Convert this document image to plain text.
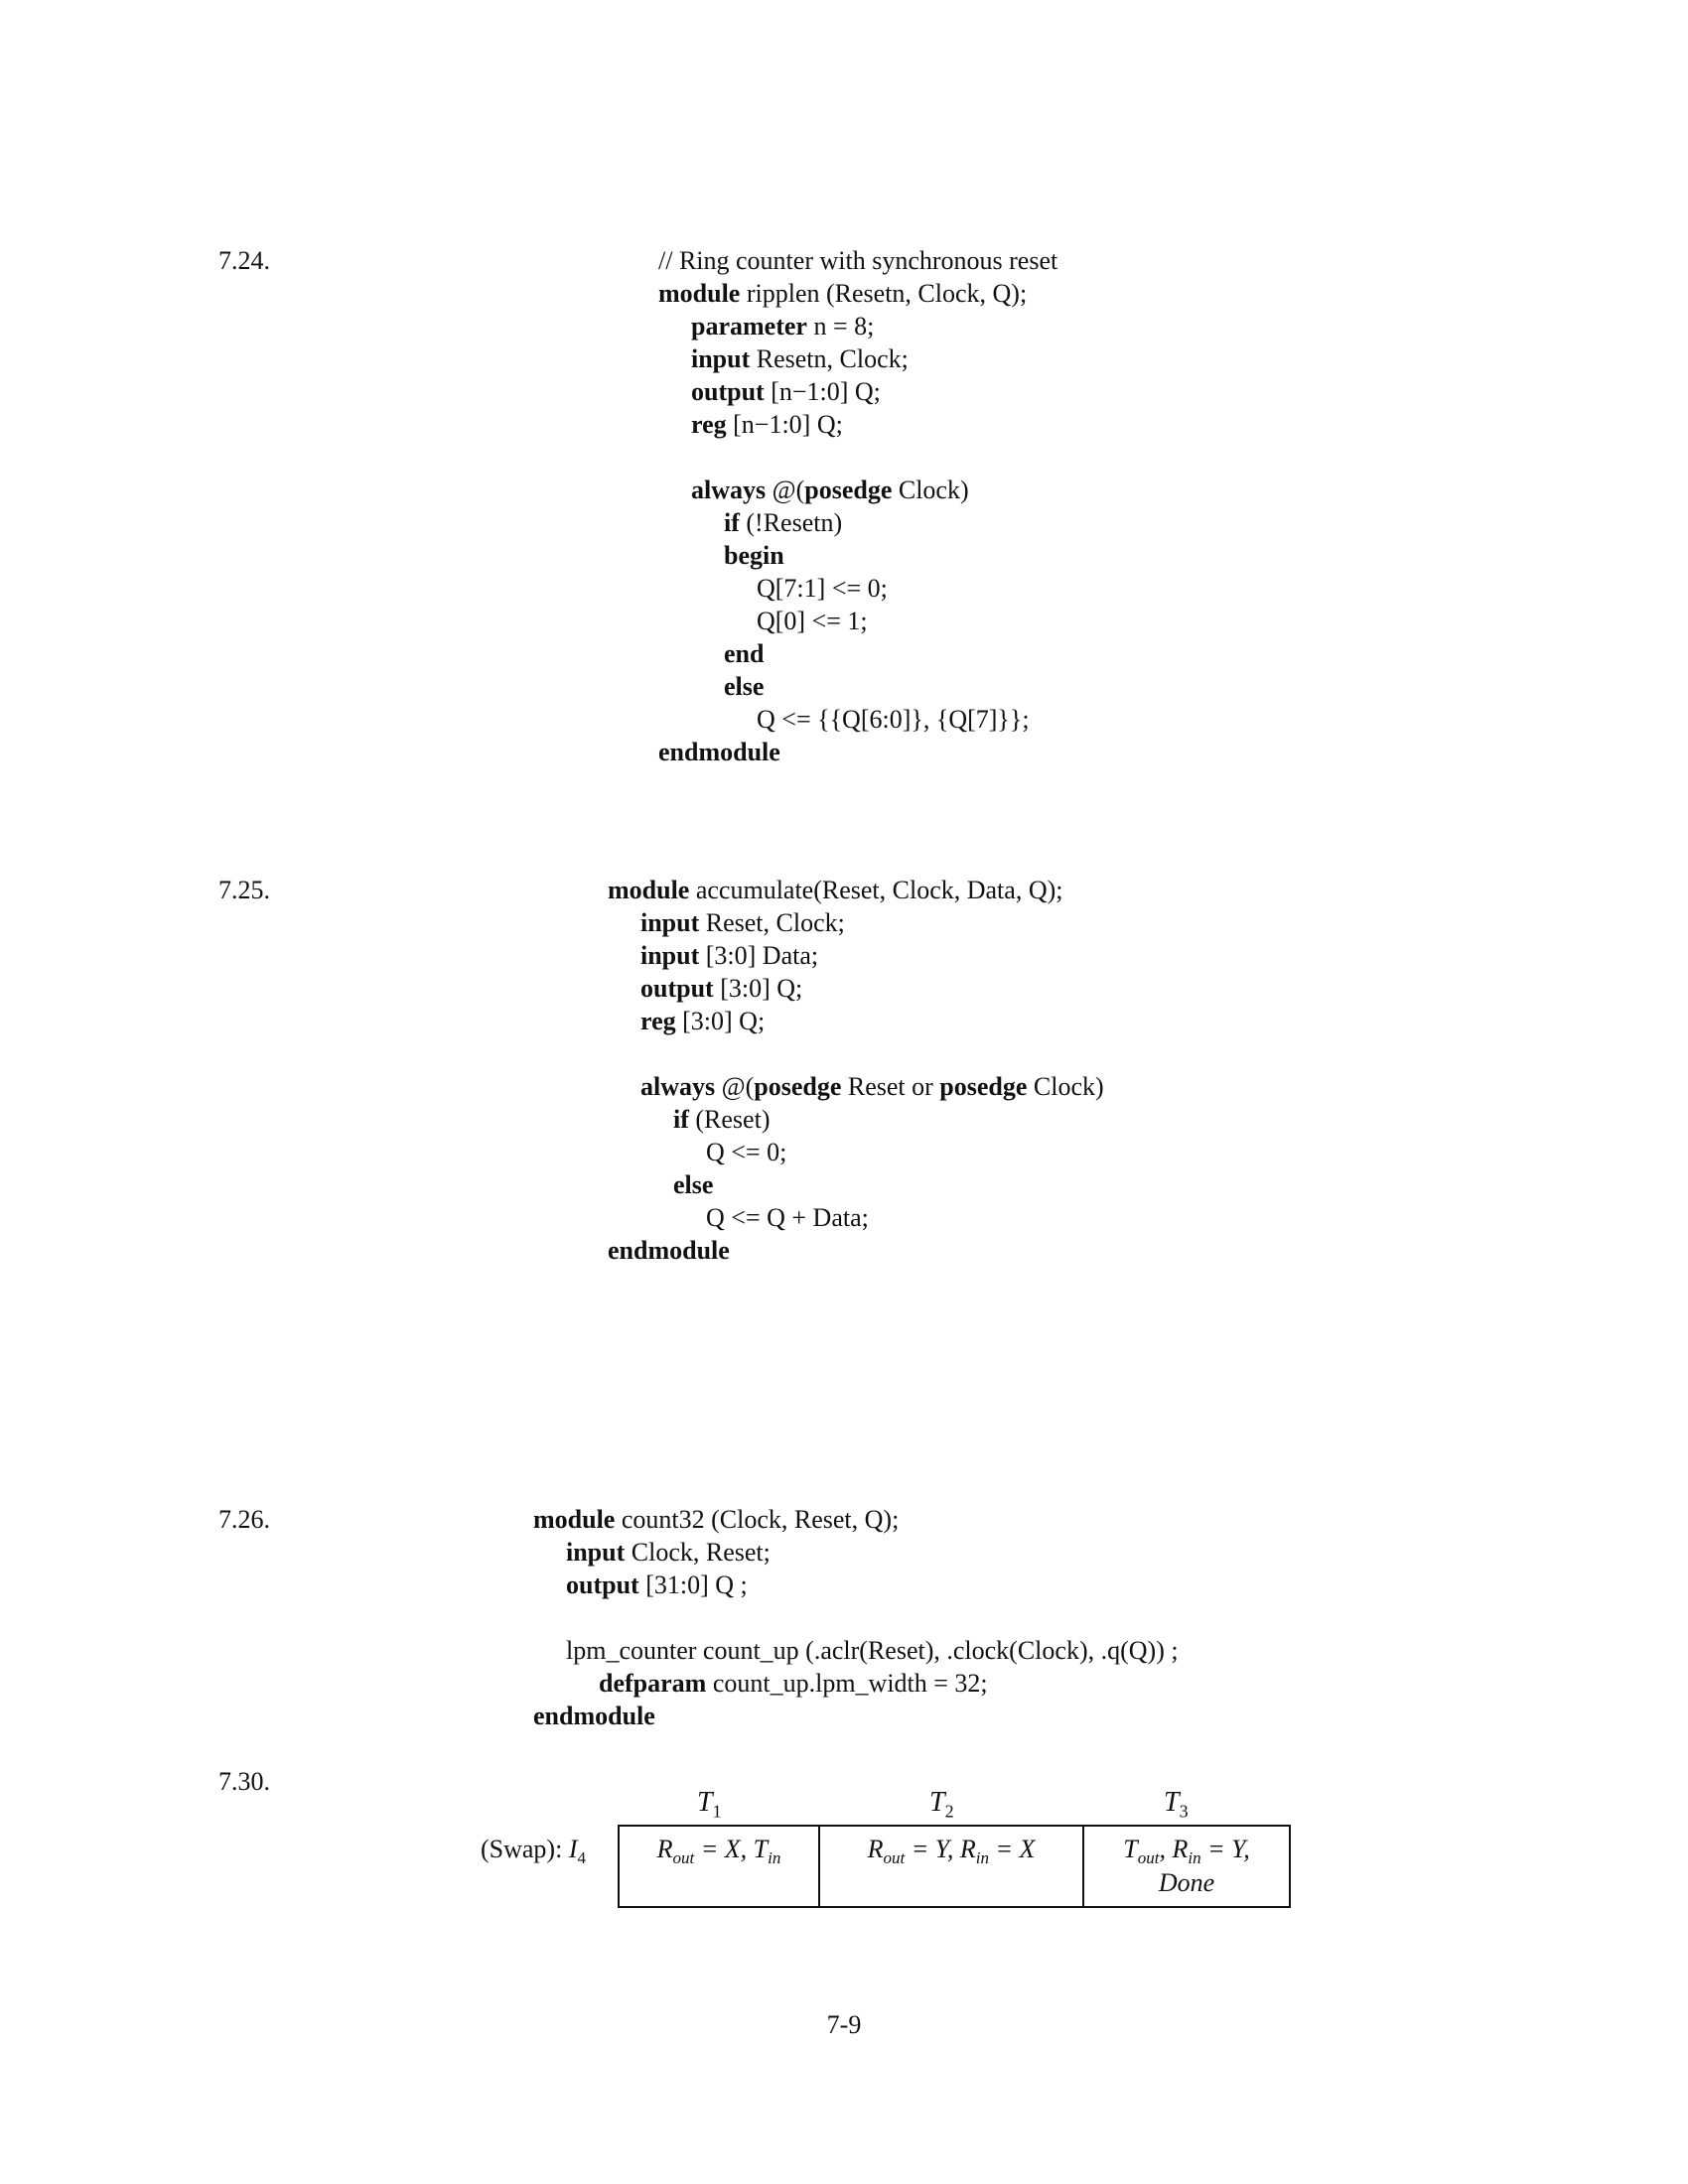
7.24.	// Ring counter with synchronous reset
module ripplen (Resetn, Clock, Q);
parameter n = 8;
input Resetn, Clock;
output [n−1:0] Q;
reg [n−1:0] Q;
always @(posedge Clock)
if (!Resetn)
begin
Q[7:1] <= 0;
Q[0] <= 1;
end
else
Q <= {{Q[6:0]}, {Q[7]}};
endmodule
7.25.	module accumulate(Reset, Clock, Data, Q);
input Reset, Clock;
input [3:0] Data;
output [3:0] Q;
reg [3:0] Q;
always @(posedge Reset or posedge Clock)
if (Reset)
Q <= 0;
else
Q <= Q + Data;
endmodule
7.26.	module count32 (Clock, Reset, Q);
input Clock, Reset;
output [31:0] Q ;
lpm_counter count_up (.aclr(Reset), .clock(Clock), .q(Q)) ;
defparam count_up.lpm_width = 32;
endmodule
7.30.
$T_1$	$T_2$	$T_3$
(Swap): $I_4$	$R_{out} = X$, $T_{in}$	$R_{out} = Y$, $R_{in} = X$	$T_{out}$, $R_{in} = Y$,
Done
7-9
